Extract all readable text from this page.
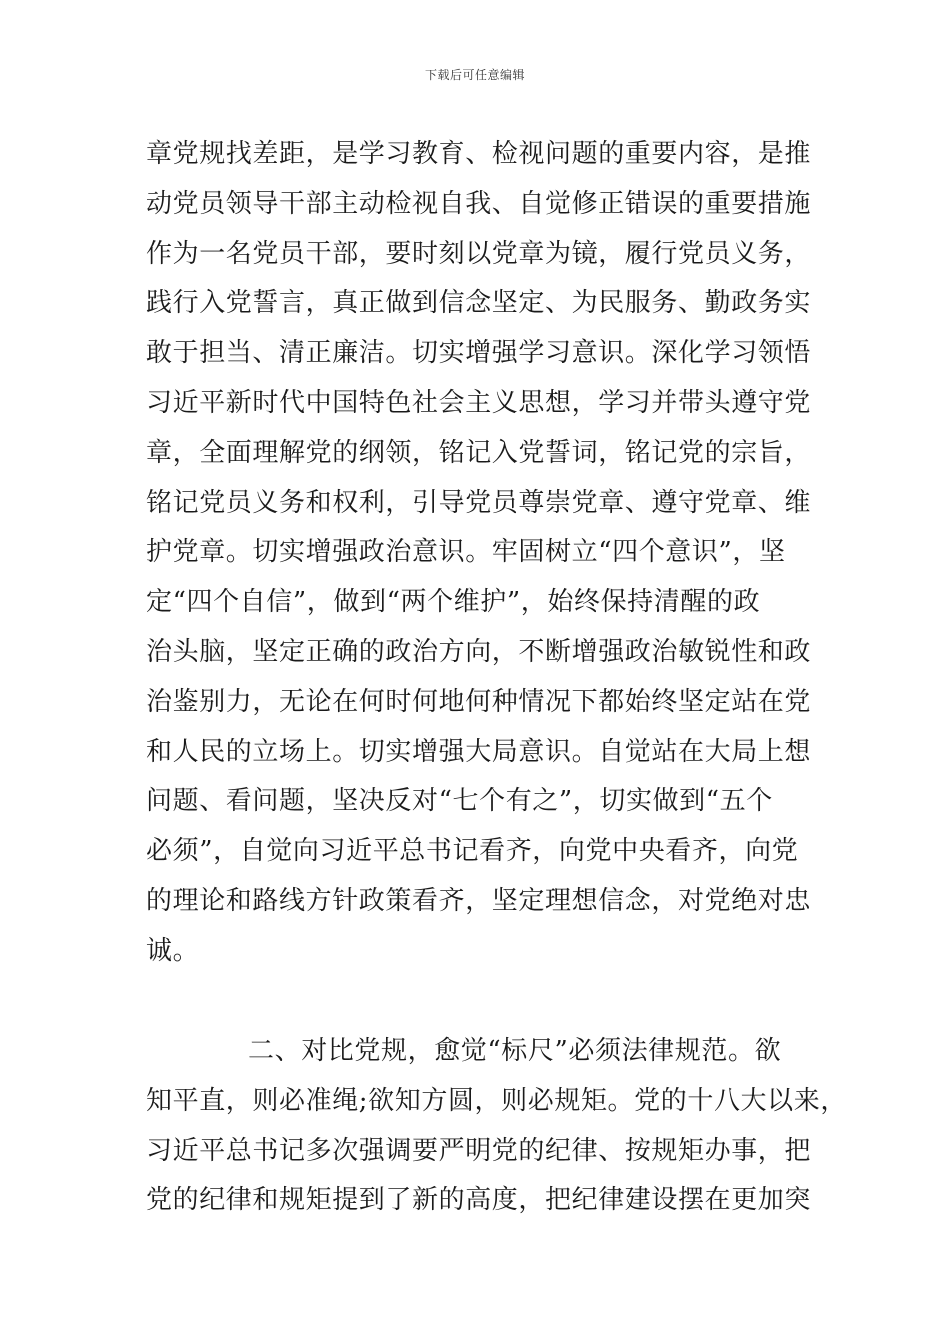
下载后可任意编辑
章党规找差距，是学习教育、检视问题的重要内容，是推
动党员领导干部主动检视自我、自觉修正错误的重要措施
作为一名党员干部，要时刻以党章为镜，履行党员义务，
践行入党誓言，真正做到信念坚定、为民服务、勤政务实
敢于担当、清正廉洁。切实增强学习意识。深化学习领悟
习近平新时代中国特色社会主义思想，学习并带头遵守党
章，全面理解党的纲领，铭记入党誓词，铭记党的宗旨，
铭记党员义务和权利，引导党员尊崇党章、遵守党章、维
护党章。切实增强政治意识。牢固树立“四个意识”，坚
定“四个自信”，做到“两个维护”，始终保持清醒的政
治头脑，坚定正确的政治方向，不断增强政治敏锐性和政
治鉴别力，无论在何时何地何种情况下都始终坚定站在党
和人民的立场上。切实增强大局意识。自觉站在大局上想
问题、看问题，坚决反对“七个有之”，切实做到“五个
必须”，自觉向习近平总书记看齐，向党中央看齐，向党
的理论和路线方针政策看齐，坚定理想信念，对党绝对忠
诚。
二、对比党规，愈觉“标尺”必须法律规范。欲
知平直，则必准绳;欲知方圆，则必规矩。党的十八大以来，
习近平总书记多次强调要严明党的纪律、按规矩办事，把
党的纪律和规矩提到了新的高度，把纪律建设摆在更加突
